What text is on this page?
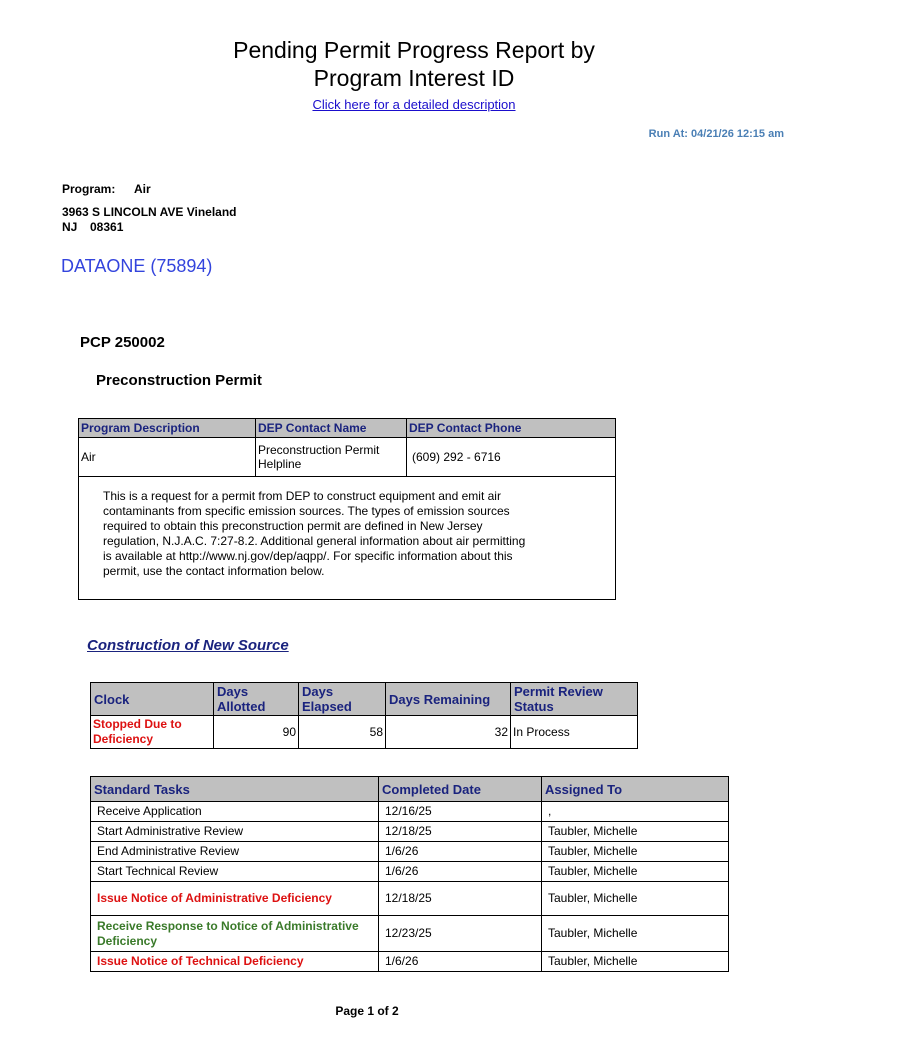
Pending Permit Progress Report by
Program Interest ID
Click here for a detailed description
Run At: 04/21/26 12:15 am
Program: Air
3963 S LINCOLN AVE Vineland
NJ 08361
DATAONE (75894)
PCP 250002
Preconstruction Permit
Program Description	DEP Contact Name	DEP Contact Phone
Air	Preconstruction Permit Helpline	(609) 292 - 6716
This is a request for a permit from DEP to construct equipment and emit air contaminants from specific emission sources. The types of emission sources required to obtain this preconstruction permit are defined in New Jersey regulation, N.J.A.C. 7:27-8.2. Additional general information about air permitting is available at http://www.nj.gov/dep/aqpp/. For specific information about this permit, use the contact information below.		
Construction of New Source
Clock	Days Allotted	Days Elapsed	Days Remaining	Permit Review Status
Stopped Due to Deficiency	90	58	32	In Process
Standard Tasks	Completed Date	Assigned To
Receive Application	12/16/25	,
Start Administrative Review	12/18/25	Taubler, Michelle
End Administrative Review	1/6/26	Taubler, Michelle
Start Technical Review	1/6/26	Taubler, Michelle
Issue Notice of Administrative Deficiency	12/18/25	Taubler, Michelle
Receive Response to Notice of Administrative Deficiency	12/23/25	Taubler, Michelle
Issue Notice of Technical Deficiency	1/6/26	Taubler, Michelle
Page 1 of 2
